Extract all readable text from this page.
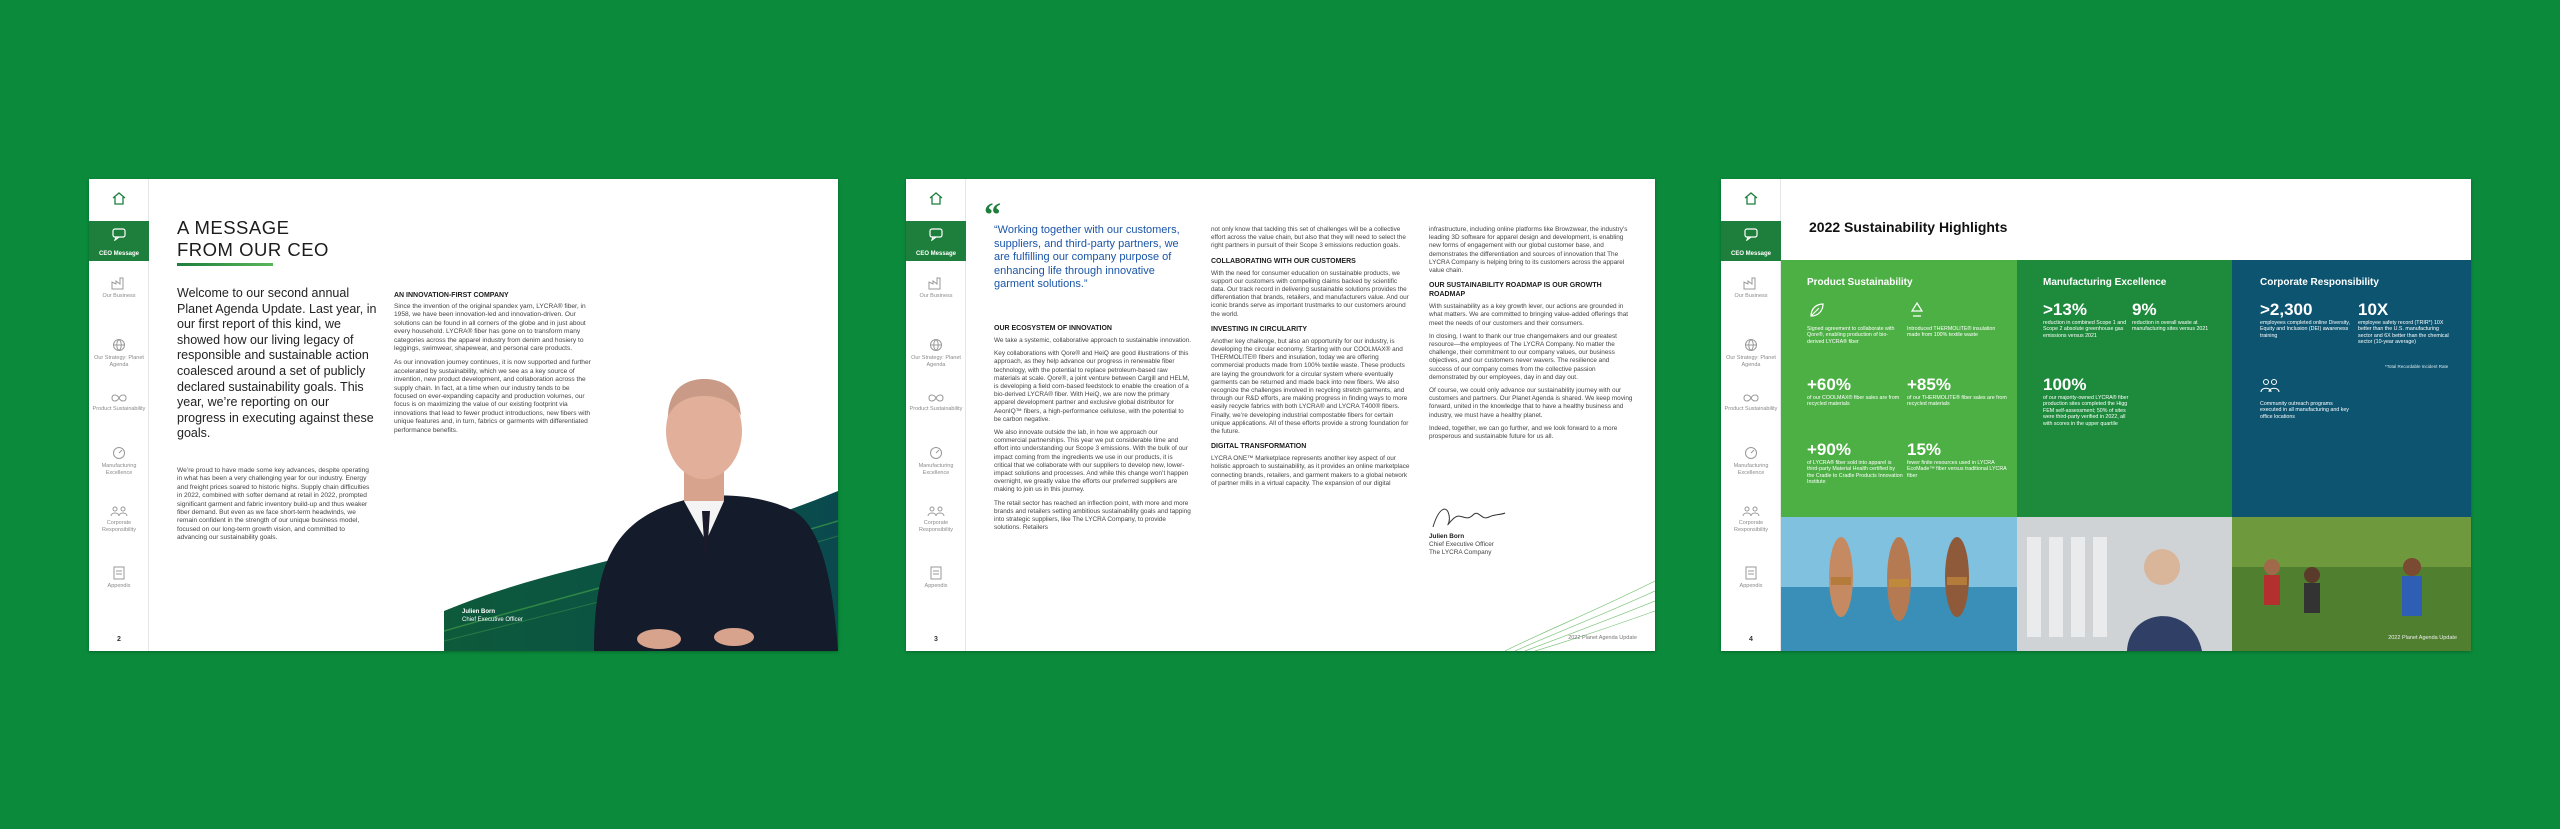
CEO Message
Our Business
Our Strategy: Planet Agenda
Product Sustainability
Manufacturing Excellence
Corporate Responsibility
Appendix
2
A MESSAGE
FROM OUR CEO
Welcome to our second annual Planet Agenda Update. Last year, in our first report of this kind, we showed how our living legacy of responsible and sustainable action coalesced around a set of publicly declared sustainability goals. This year, we’re reporting on our progress in executing against these goals.
We’re proud to have made some key advances, despite operating in what has been a very challenging year for our industry. Energy and freight prices soared to historic highs. Supply chain difficulties in 2022, combined with softer demand at retail in 2022, prompted significant garment and fabric inventory build-up and thus weaker fiber demand. But even as we face short-term headwinds, we remain confident in the strength of our unique business model, focused on our long-term growth vision, and committed to advancing our sustainability goals.
AN INNOVATION-FIRST COMPANY

Since the invention of the original spandex yarn, LYCRA® fiber, in 1958, we have been innovation-led and innovation-driven. Our solutions can be found in all corners of the globe and in just about every household. LYCRA® fiber has gone on to transform many categories across the apparel industry from denim and hosiery to leggings, swimwear, shapewear, and personal care products.

As our innovation journey continues, it is now supported and further accelerated by sustainability, which we see as a key source of invention, new product development, and collaboration across the supply chain. In fact, at a time when our industry tends to be focused on ever-expanding capacity and production volumes, our focus is on maximizing the value of our existing footprint via innovations that lead to fewer product introductions, new fibers with unique features and, in turn, fabrics or garments with differentiated performance benefits.

Julien Born
Chief Executive Officer
CEO Message
Our Business
Our Strategy: Planet Agenda
Product Sustainability
Manufacturing Excellence
Corporate Responsibility
Appendix
3
“
“Working together with our customers, suppliers, and third-party partners, we are fulfilling our company purpose of enhancing life through innovative garment solutions.”
OUR ECOSYSTEM OF INNOVATION

We take a systemic, collaborative approach to sustainable innovation.

Key collaborations with Qore® and HeiQ are good illustrations of this approach, as they help advance our progress in renewable fiber technology, with the potential to replace petroleum-based raw materials at scale. Qore®, a joint venture between Cargill and HELM, is developing a field corn-based feedstock to enable the creation of a bio-derived LYCRA® fiber. With HeiQ, we are now the primary apparel development partner and exclusive global distributor for AeonIQ™ fibers, a high-performance cellulose, with the potential to be carbon negative.

We also innovate outside the lab, in how we approach our commercial partnerships. This year we put considerable time and effort into understanding our Scope 3 emissions. With the bulk of our impact coming from the ingredients we use in our products, it is critical that we collaborate with our suppliers to develop new, lower-impact solutions and processes. And while this change won’t happen overnight, we greatly value the efforts our preferred suppliers are making to join us in this journey.

The retail sector has reached an inflection point, with more and more brands and retailers setting ambitious sustainability goals and tapping into strategic suppliers, like The LYCRA Company, to provide solutions. Retailers

not only know that tackling this set of challenges will be a collective effort across the value chain, but also that they will need to select the right partners in pursuit of their Scope 3 emissions reduction goals.

COLLABORATING WITH OUR CUSTOMERS

With the need for consumer education on sustainable products, we support our customers with compelling claims backed by scientific data. Our track record in delivering sustainable solutions provides the differentiation that brands, retailers, and manufacturers value. And our iconic brands serve as important trustmarks to our customers around the world.

INVESTING IN CIRCULARITY

Another key challenge, but also an opportunity for our industry, is developing the circular economy. Starting with our COOLMAX® and THERMOLITE® fibers and insulation, today we are offering commercial products made from 100% textile waste. These products are laying the groundwork for a circular system where eventually garments can be returned and made back into new fibers. We also recognize the challenges involved in recycling stretch garments, and through our R&D efforts, are making progress in finding ways to more easily recycle fabrics with both LYCRA® and LYCRA T400® fibers. Finally, we’re developing industrial compostable fibers for certain unique applications. All of these efforts provide a strong foundation for the future.

DIGITAL TRANSFORMATION

LYCRA ONE™ Marketplace represents another key aspect of our holistic approach to sustainability, as it provides an online marketplace connecting brands, retailers, and garment makers to a global network of partner mills in a virtual capacity. The expansion of our digital

infrastructure, including online platforms like Browzwear, the industry’s leading 3D software for apparel design and development, is enabling new forms of engagement with our global customer base, and demonstrates the differentiation and sources of innovation that The LYCRA Company is helping bring to its customers across the apparel value chain.

OUR SUSTAINABILITY ROADMAP IS OUR GROWTH ROADMAP

With sustainability as a key growth lever, our actions are grounded in what matters. We are committed to bringing value-added offerings that meet the needs of our customers and their consumers.

In closing, I want to thank our true changemakers and our greatest resource—the employees of The LYCRA Company. No matter the challenge, their commitment to our company values, our business objectives, and our customers never wavers. The resilience and success of our company comes from the collective passion demonstrated by our employees, day in and day out.

Of course, we could only advance our sustainability journey with our customers and partners. Our Planet Agenda is shared. We keep moving forward, united in the knowledge that to have a healthy business and industry, we must have a healthy planet.

Indeed, together, we can go further, and we look forward to a more prosperous and sustainable future for us all.

Julien Born
Chief Executive Officer
The LYCRA Company
2022 Planet Agenda Update
CEO Message
Our Business
Our Strategy: Planet Agenda
Product Sustainability
Manufacturing Excellence
Corporate Responsibility
Appendix
4
2022 Sustainability Highlights
Product Sustainability
Signed agreement to collaborate with Qore®, enabling production of bio-derived LYCRA® fiber
Introduced THERMOLITE® insulation made from 100% textile waste
+60%
of our COOLMAX® fiber sales are from recycled materials
+85%
of our THERMOLITE® fiber sales are from recycled materials
+90%
of LYCRA® fiber sold into apparel is third-party Material Health certified by the Cradle to Cradle Products Innovation Institute
15%
fewer finite resources used in LYCRA EcoMade™ fiber versus traditional LYCRA fiber
Manufacturing Excellence
>13%
reduction in combined Scope 1 and Scope 2 absolute greenhouse gas emissions versus 2021
9%
reduction in overall waste at manufacturing sites versus 2021
100%
of our majority-owned LYCRA® fiber production sites completed the Higg FEM self-assessment; 50% of sites were third-party verified in 2022, all with scores in the upper quartile
Corporate Responsibility
>2,300
employees completed online Diversity, Equity and Inclusion (DEI) awareness training
10X
employee safety record (TRIR*) 10X better than the U.S. manufacturing sector and 6X better than the chemical sector (10-year average)
*Total Recordable Incident Rate
Community outreach programs executed in all manufacturing and key office locations
2022 Planet Agenda Update
